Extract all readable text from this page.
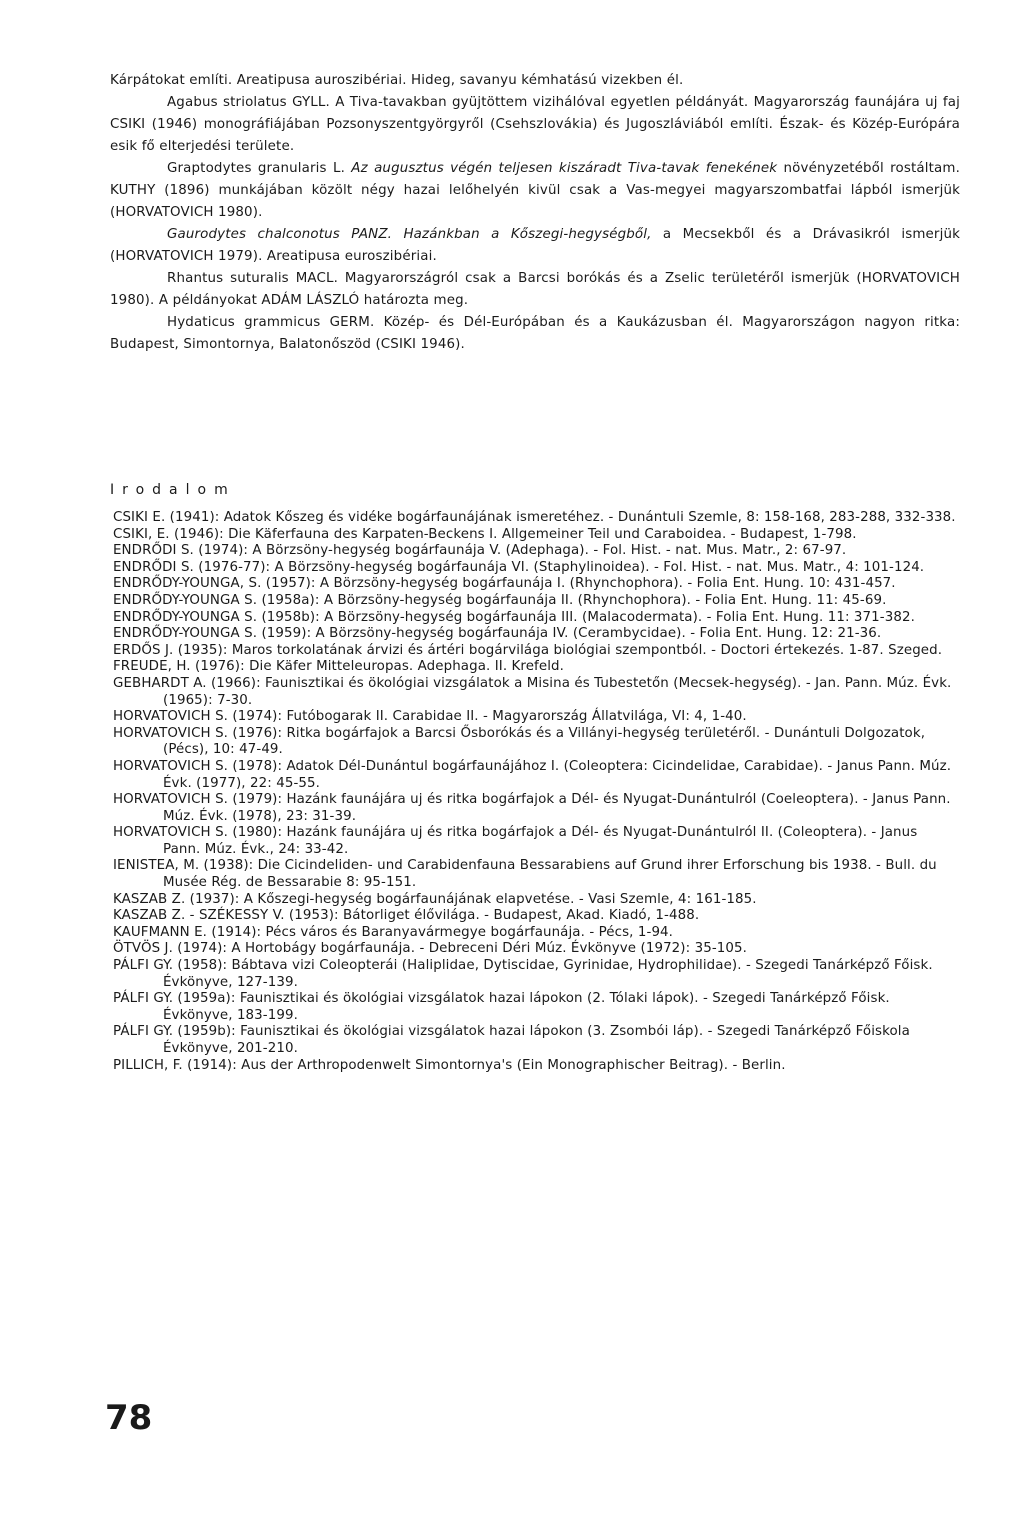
Kárpátokat említi. Areatipusa auroszibériai. Hideg, savanyu kémhatású vizekben él.

Agabus striolatus GYLL. A Tiva-tavakban gyüjtöttem vizihálóval egyetlen példányát. Magyarország faunájára uj faj CSIKI (1946) monográfiájában Pozsonyszentgyörgyről (Csehszlovákia) és Jugoszláviából említi. Észak- és Közép-Európára esik fő elterjedési területe.

Graptodytes granularis L. Az augusztus végén teljesen kiszáradt Tiva-tavak fenekének növényzetéből rostáltam. KUTHY (1896) munkájában közölt négy hazai lelőhelyén kivül csak a Vas-megyei magyarszombatfai lápból ismerjük (HORVATOVICH 1980).

Gaurodytes chalconotus PANZ. Hazánkban a Kőszegi-hegységből, a Mecsekből és a Drávasikról ismerjük (HORVATOVICH 1979). Areatipusa euroszibériai.

Rhantus suturalis MACL. Magyarországról csak a Barcsi borókás és a Zselic területéről ismerjük (HORVATOVICH 1980). A példányokat ADÁM LÁSZLÓ határozta meg.

Hydaticus grammicus GERM. Közép- és Dél-Európában és a Kaukázusban él. Magyarországon nagyon ritka: Budapest, Simontornya, Balatonőszöd (CSIKI 1946).

Irodalom

CSIKI E. (1941): Adatok Kőszeg és vidéke bogárfaunájának ismeretéhez. - Dunántuli Szemle, 8: 158-168, 283-288, 332-338.

CSIKI, E. (1946): Die Käferfauna des Karpaten-Beckens I. Allgemeiner Teil und Caraboidea. - Budapest, 1-798.

ENDRŐDI S. (1974): A Börzsöny-hegység bogárfaunája V. (Adephaga). - Fol. Hist. - nat. Mus. Matr., 2: 67-97.

ENDRŐDI S. (1976-77): A Börzsöny-hegység bogárfaunája VI. (Staphylinoidea). - Fol. Hist. - nat. Mus. Matr., 4: 101-124.

ENDRŐDY-YOUNGA, S. (1957): A Börzsöny-hegység bogárfaunája I. (Rhynchophora). - Folia Ent. Hung. 10: 431-457.

ENDRŐDY-YOUNGA S. (1958a): A Börzsöny-hegység bogárfaunája II. (Rhynchophora). - Folia Ent. Hung. 11: 45-69.

ENDRŐDY-YOUNGA S. (1958b): A Börzsöny-hegység bogárfaunája III. (Malacodermata). - Folia Ent. Hung. 11: 371-382.

ENDRŐDY-YOUNGA S. (1959): A Börzsöny-hegység bogárfaunája IV. (Cerambycidae). - Folia Ent. Hung. 12: 21-36.

ERDŐS J. (1935): Maros torkolatának árvizi és ártéri bogárvilága biológiai szempontból. - Doctori értekezés. 1-87. Szeged.

FREUDE, H. (1976): Die Käfer Mitteleuropas. Adephaga. II. Krefeld.

GEBHARDT A. (1966): Faunisztikai és ökológiai vizsgálatok a Misina és Tubestetőn (Mecsek-hegység). - Jan. Pann. Múz. Évk. (1965): 7-30.

HORVATOVICH S. (1974): Futóbogarak II. Carabidae II. - Magyarország Állatvilága, VI: 4, 1-40.

HORVATOVICH S. (1976): Ritka bogárfajok a Barcsi Ősborókás és a Villányi-hegység területéről. - Dunántuli Dolgozatok, (Pécs), 10: 47-49.

HORVATOVICH S. (1978): Adatok Dél-Dunántul bogárfaunájához I. (Coleoptera: Cicindelidae, Carabidae). - Janus Pann. Múz. Évk. (1977), 22: 45-55.

HORVATOVICH S. (1979): Hazánk faunájára uj és ritka bogárfajok a Dél- és Nyugat-Dunántulról (Coeleoptera). - Janus Pann. Múz. Évk. (1978), 23: 31-39.

HORVATOVICH S. (1980): Hazánk faunájára uj és ritka bogárfajok a Dél- és Nyugat-Dunántulról II. (Coleoptera). - Janus Pann. Múz. Évk., 24: 33-42.

IENISTEA, M. (1938): Die Cicindeliden- und Carabidenfauna Bessarabiens auf Grund ihrer Erforschung bis 1938. - Bull. du Musée Rég. de Bessarabie 8: 95-151.

KASZAB Z. (1937): A Kőszegi-hegység bogárfaunájának elapvetése. - Vasi Szemle, 4: 161-185.

KASZAB Z. - SZÉKESSY V. (1953): Bátorliget élővilága. - Budapest, Akad. Kiadó, 1-488.

KAUFMANN E. (1914): Pécs város és Baranyavármegye bogárfaunája. - Pécs, 1-94.

ÖTVÖS J. (1974): A Hortobágy bogárfaunája. - Debreceni Déri Múz. Évkönyve (1972): 35-105.

PÁLFI GY. (1958): Bábtava vizi Coleopterái (Haliplidae, Dytiscidae, Gyrinidae, Hydrophilidae). - Szegedi Tanárképző Főisk. Évkönyve, 127-139.

PÁLFI GY. (1959a): Faunisztikai és ökológiai vizsgálatok hazai lápokon (2. Tólaki lápok). - Szegedi Tanárképző Főisk. Évkönyve, 183-199.

PÁLFI GY. (1959b): Faunisztikai és ökológiai vizsgálatok hazai lápokon (3. Zsombói láp). - Szegedi Tanárképző Főiskola Évkönyve, 201-210.

PILLICH, F. (1914): Aus der Arthropodenwelt Simontornya's (Ein Monographischer Beitrag). - Berlin.

78
